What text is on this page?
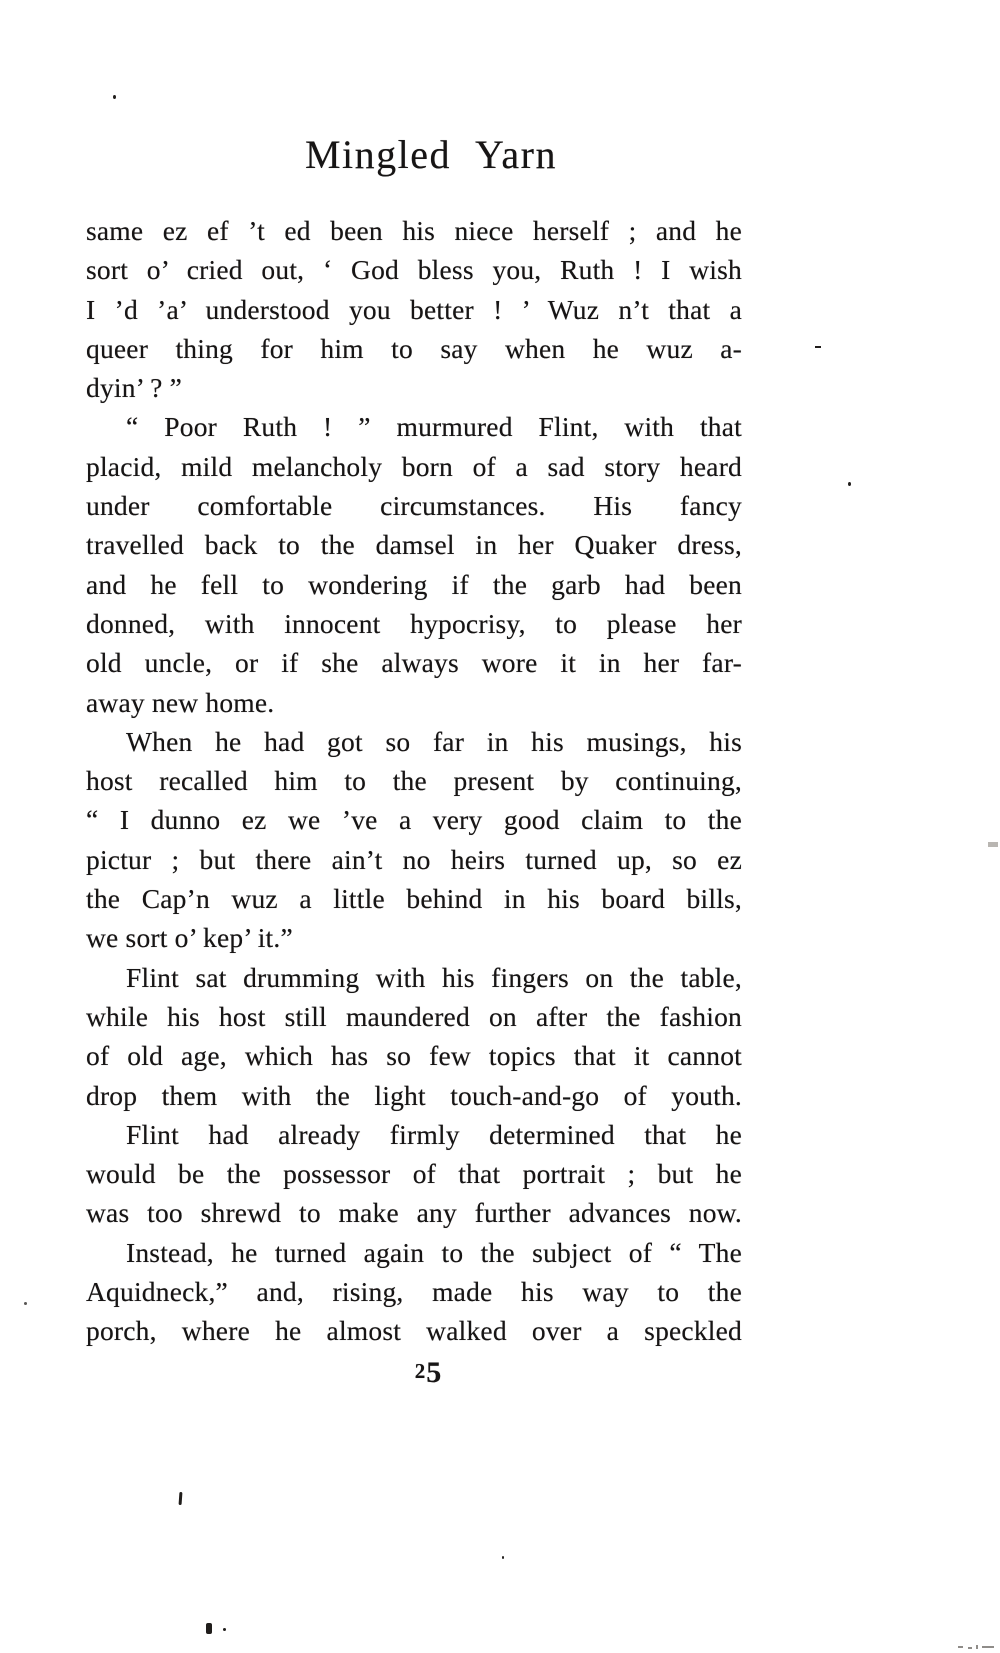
Mingled Yarn
same ez ef ’t ed been his niece herself ; and he
sort o’ cried out, ‘ God bless you, Ruth ! I wish
I ’d ’a’ understood you better ! ’ Wuz n’t that a
queer thing for him to say when he wuz a-
dyin’ ? ”
“ Poor Ruth ! ” murmured Flint, with that
placid, mild melancholy born of a sad story heard
under comfortable circumstances. His fancy
travelled back to the damsel in her Quaker dress,
and he fell to wondering if the garb had been
donned, with innocent hypocrisy, to please her
old uncle, or if she always wore it in her far-
away new home.
When he had got so far in his musings, his
host recalled him to the present by continuing,
“ I dunno ez we ’ve a very good claim to the
pictur ; but there ain’t no heirs turned up, so ez
the Cap’n wuz a little behind in his board bills,
we sort o’ kep’ it.”
Flint sat drumming with his fingers on the table,
while his host still maundered on after the fashion
of old age, which has so few topics that it cannot
drop them with the light touch-and-go of youth.
Flint had already firmly determined that he
would be the possessor of that portrait ; but he
was too shrewd to make any further advances now.
Instead, he turned again to the subject of “ The
Aquidneck,” and, rising, made his way to the
porch, where he almost walked over a speckled
25
